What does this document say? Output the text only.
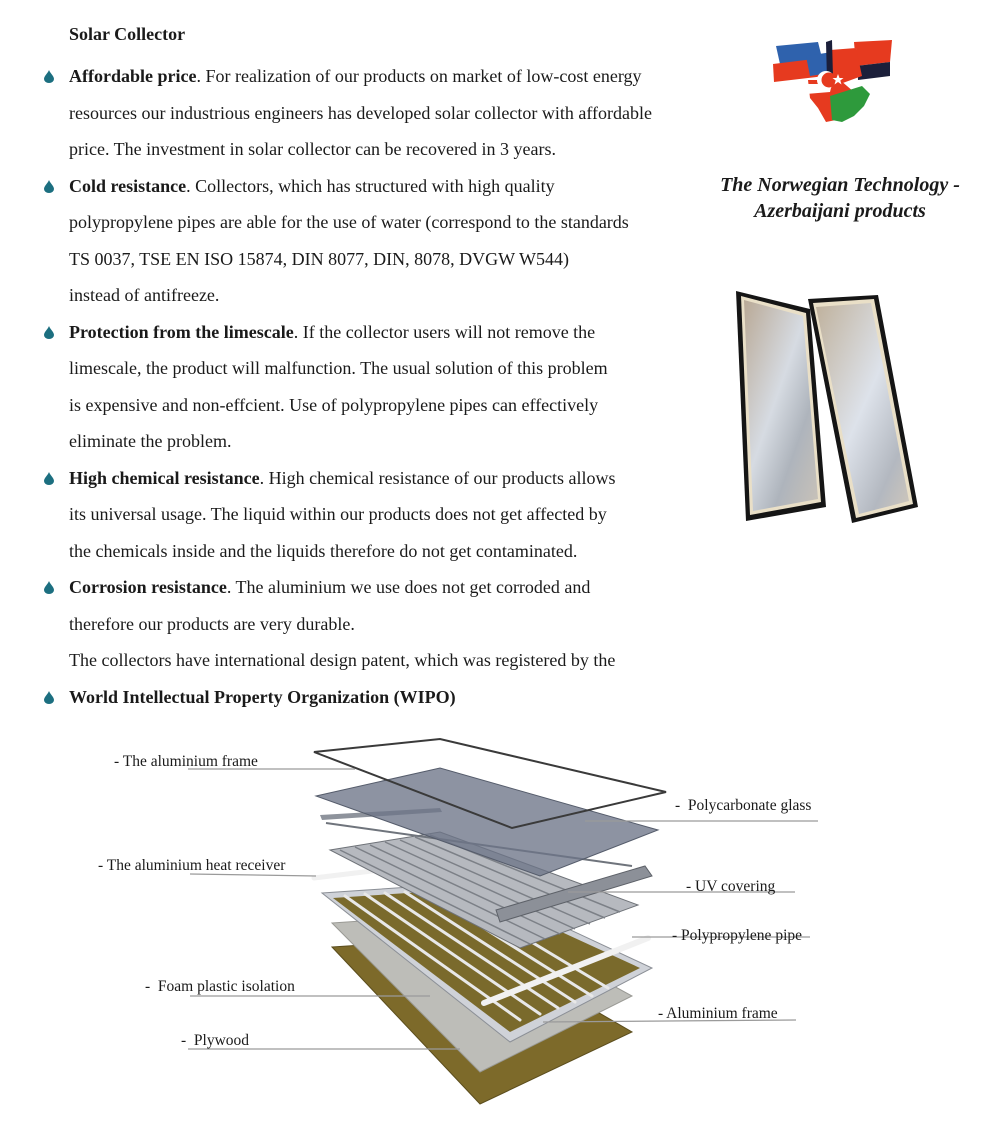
Solar Collector

Affordable price. For realization of our products on market of low-cost energy
resources our industrious engineers has developed solar collector with affordable
price. The investment in solar collector can be recovered in 3 years.
Cold resistance. Collectors, which has structured with high quality
polypropylene pipes are able for the use of water (correspond to the standards
TS 0037, TSE EN ISO 15874, DIN 8077, DIN, 8078, DVGW W544)
instead of antifreeze.
Protection from the limescale. If the collector users will not remove the
limescale, the product will malfunction. The usual solution of this problem
is expensive and non-effcient. Use of polypropylene pipes can effectively
eliminate the problem.
High chemical resistance. High chemical resistance of our products allows
its universal usage. The liquid within our products does not get affected by
the chemicals inside and the liquids therefore do not get contaminated.
Corrosion resistance. The aluminium we use does not get corroded and
therefore our products are very durable.

The collectors have international design patent, which was registered by the

World Intellectual Property Organization (WIPO)
The Norwegian Technology -
Azerbaijani products
- The aluminium frame
- The aluminium heat receiver
-  Foam plastic isolation
-  Plywood
-  Polycarbonate glass
- UV covering
- Polypropylene pipe
- Aluminium frame
